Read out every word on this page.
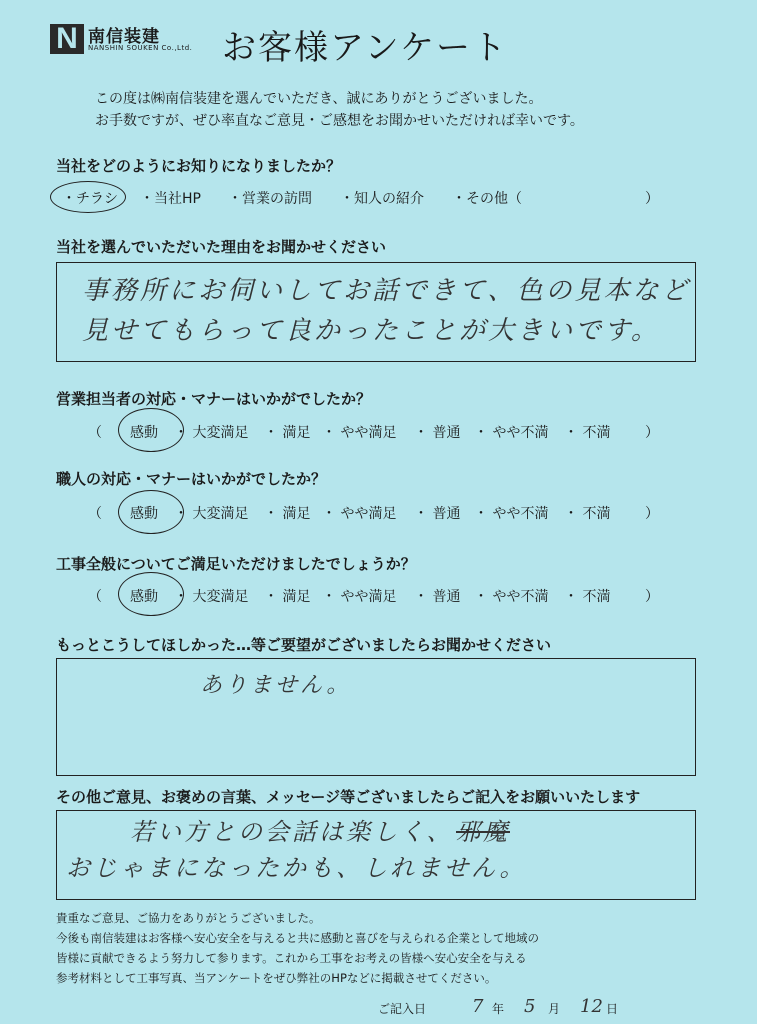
N 南信装建
NANSHIN SOUKEN Co.,Ltd. お客様アンケート
この度は㈱南信装建を選んでいただき、誠にありがとうございました。
お手数ですが、ぜひ率直なご意見・ご感想をお聞かせいただければ幸いです。
当社をどのようにお知りになりましたか？
・チラシ ・当社HP ・営業の訪問 ・知人の紹介 ・その他（	）
当社を選んでいただいた理由をお聞かせください
事務所にお伺いしてお話できて、色の見本など
見せてもらって良かったことが大きいです。
営業担当者の対応・マナーはいかがでしたか？
（ 感動 ・ 大変満足 ・ 満足 ・ やや満足 ・ 普通 ・ やや不満 ・ 不満 ）
職人の対応・マナーはいかがでしたか？
（ 感動 ・ 大変満足 ・ 満足 ・ やや満足 ・ 普通 ・ やや不満 ・ 不満 ）
工事全般についてご満足いただけましたでしょうか？
（ 感動 ・ 大変満足 ・ 満足 ・ やや満足 ・ 普通 ・ やや不満 ・ 不満 ）
もっとこうしてほしかった…等ご要望がございましたらお聞かせください
ありません。
その他ご意見、お褒めの言葉、メッセージ等ございましたらご記入をお願いいたします
若い方との会話は楽しく、 邪魔
おじゃまになったかも、しれません。
貴重なご意見、ご協力をありがとうございました。
今後も南信装建はお客様へ安心安全を与えると共に感動と喜びを与えられる企業として地域の
皆様に貢献できるよう努力して参ります。これから工事をお考えの皆様へ安心安全を与える
参考材料として工事写真、当アンケートをぜひ弊社のHPなどに掲載させてください。
ご記入日	7 年 5 月 12 日
